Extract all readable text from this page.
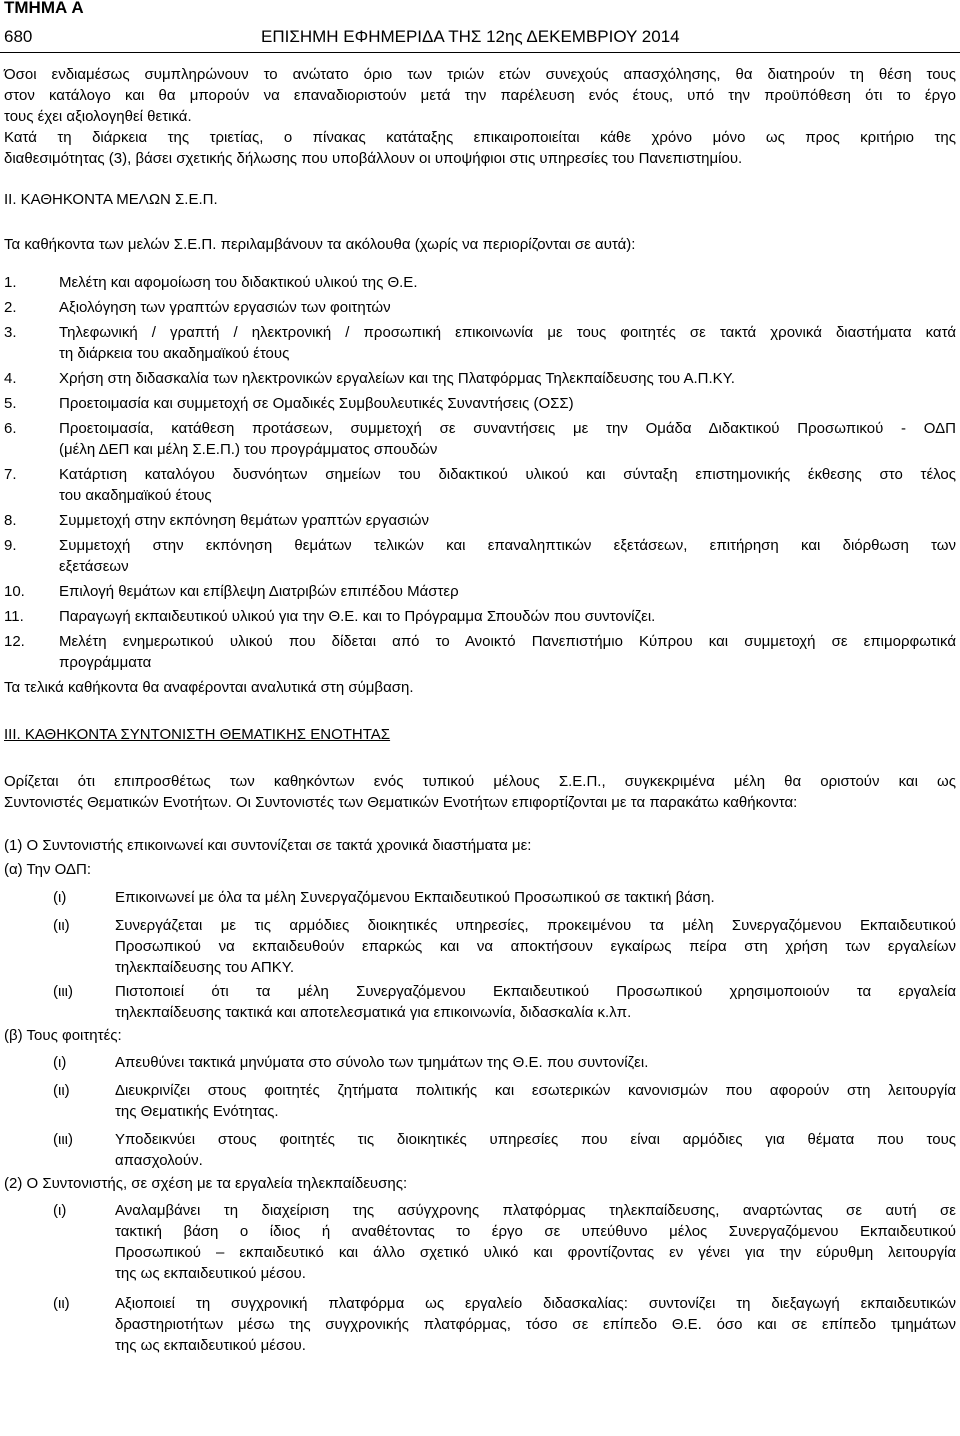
ΤΜΗΜΑ Α
680	ΕΠΙΣΗΜΗ ΕΦΗΜΕΡΙΔΑ ΤΗΣ 12ης ΔΕΚΕΜΒΡΙΟΥ 2014

Όσοι ενδιαμέσως συμπληρώνουν το ανώτατο όριο των τριών ετών συνεχούς απασχόλησης, θα διατηρούν τη θέση τους
στον κατάλογο και θα μπορούν να επαναδιοριστούν μετά την παρέλευση ενός έτους, υπό την προϋπόθεση ότι το έργο
τους έχει αξιολογηθεί θετικά.

Κατά τη διάρκεια της τριετίας, ο πίνακας κατάταξης επικαιροποιείται κάθε χρόνο μόνο ως προς κριτήριο της
διαθεσιμότητας (3), βάσει σχετικής δήλωσης που υποβάλλουν οι υποψήφιοι στις υπηρεσίες του Πανεπιστημίου.

ΙΙ. ΚΑΘΗΚΟΝΤΑ ΜΕΛΩΝ Σ.Ε.Π.

Τα καθήκοντα των μελών Σ.Ε.Π. περιλαμβάνουν τα ακόλουθα (χωρίς να περιορίζονται σε αυτά):

1.	Μελέτη και αφομοίωση του διδακτικού υλικού της Θ.Ε.
2.	Αξιολόγηση των γραπτών εργασιών των φοιτητών
3.	Τηλεφωνική / γραπτή / ηλεκτρονική / προσωπική επικοινωνία με τους φοιτητές σε τακτά χρονικά διαστήματα κατά
τη διάρκεια του ακαδημαϊκού έτους
4.	Χρήση στη διδασκαλία των ηλεκτρονικών εργαλείων και της Πλατφόρμας Τηλεκπαίδευσης του Α.Π.ΚΥ.
5.	Προετοιμασία και συμμετοχή σε Ομαδικές Συμβουλευτικές Συναντήσεις (ΟΣΣ)
6.	Προετοιμασία, κατάθεση προτάσεων, συμμετοχή σε συναντήσεις με την Ομάδα Διδακτικού Προσωπικού - ΟΔΠ
(μέλη ΔΕΠ και μέλη Σ.Ε.Π.) του προγράμματος σπουδών
7.	Κατάρτιση καταλόγου δυσνόητων σημείων του διδακτικού υλικού και σύνταξη επιστημονικής έκθεσης στο τέλος
του ακαδημαϊκού έτους
8.	Συμμετοχή στην εκπόνηση θεμάτων γραπτών εργασιών
9.	Συμμετοχή στην εκπόνηση θεμάτων τελικών και επαναληπτικών εξετάσεων, επιτήρηση και διόρθωση των
εξετάσεων
10. Επιλογή θεμάτων και επίβλεψη Διατριβών επιπέδου Μάστερ
11. Παραγωγή εκπαιδευτικού υλικού για την Θ.Ε. και το Πρόγραμμα Σπουδών που συντονίζει.
12. Μελέτη ενημερωτικού υλικού που δίδεται από το Ανοικτό Πανεπιστήμιο Κύπρου και συμμετοχή σε επιμορφωτικά
προγράμματα

Τα τελικά καθήκοντα θα αναφέρονται αναλυτικά στη σύμβαση.

ΙΙΙ. ΚΑΘΗΚΟΝΤΑ ΣΥΝΤΟΝΙΣΤΗ ΘΕΜΑΤΙΚΗΣ ΕΝΟΤΗΤΑΣ

Ορίζεται ότι επιπροσθέτως των καθηκόντων ενός τυπικού μέλους Σ.Ε.Π., συγκεκριμένα μέλη θα οριστούν και ως
Συντονιστές Θεματικών Ενοτήτων. Οι Συντονιστές των Θεματικών Ενοτήτων επιφορτίζονται με τα παρακάτω καθήκοντα:

(1) Ο Συντονιστής επικοινωνεί και συντονίζεται σε τακτά χρονικά διαστήματα με:

(α) Την ΟΔΠ:

(ι)	Επικοινωνεί με όλα τα μέλη Συνεργαζόμενου Εκπαιδευτικού Προσωπικού σε τακτική βάση.
(ιι)	Συνεργάζεται με τις αρμόδιες διοικητικές υπηρεσίες, προκειμένου τα μέλη Συνεργαζόμενου Εκπαιδευτικού
Προσωπικού να εκπαιδευθούν επαρκώς και να αποκτήσουν εγκαίρως πείρα στη χρήση των εργαλείων
τηλεκπαίδευσης του ΑΠΚΥ.
(ιιι)	Πιστοποιεί ότι τα μέλη Συνεργαζόμενου Εκπαιδευτικού Προσωπικού χρησιμοποιούν τα εργαλεία
τηλεκπαίδευσης τακτικά και αποτελεσματικά για επικοινωνία, διδασκαλία κ.λπ.

(β) Τους φοιτητές:

(ι)	Απευθύνει τακτικά μηνύματα στο σύνολο των τμημάτων της Θ.Ε. που συντονίζει.
(ιι)	Διευκρινίζει στους φοιτητές ζητήματα πολιτικής και εσωτερικών κανονισμών που αφορούν στη λειτουργία
της Θεματικής Ενότητας.
(ιιι)	Υποδεικνύει στους φοιτητές τις διοικητικές υπηρεσίες που είναι αρμόδιες για θέματα που τους
απασχολούν.

(2) Ο Συντονιστής, σε σχέση με τα εργαλεία τηλεκπαίδευσης:

(ι)	Αναλαμβάνει τη διαχείριση της ασύγχρονης πλατφόρμας τηλεκπαίδευσης, αναρτώντας σε αυτή σε
τακτική βάση ο ίδιος ή αναθέτοντας το έργο σε υπεύθυνο μέλος Συνεργαζόμενου Εκπαιδευτικού
Προσωπικού – εκπαιδευτικό και άλλο σχετικό υλικό και φροντίζοντας εν γένει για την εύρυθμη λειτουργία
της ως εκπαιδευτικού μέσου.
(ιι)	Αξιοποιεί τη συγχρονική πλατφόρμα ως εργαλείο διδασκαλίας: συντονίζει τη διεξαγωγή εκπαιδευτικών
δραστηριοτήτων μέσω της συγχρονικής πλατφόρμας, τόσο σε επίπεδο Θ.Ε. όσο και σε επίπεδο τμημάτων
της ως εκπαιδευτικού μέσου.
